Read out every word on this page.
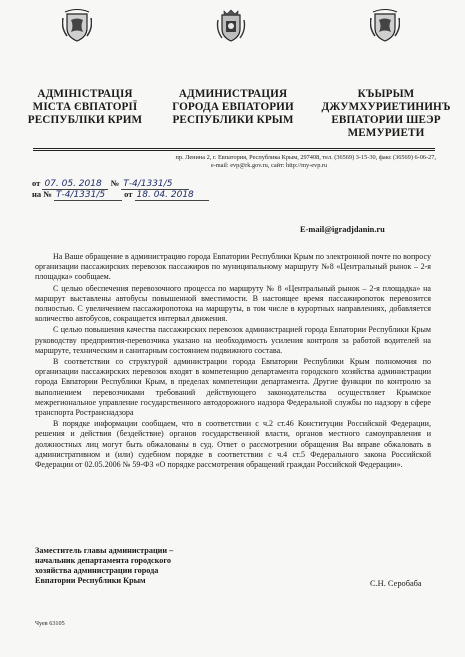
АДМІНІСТРАЦІЯ
МІСТА ЄВПАТОРІЇ
РЕСПУБЛІКИ КРИМ
АДМИНИСТРАЦИЯ
ГОРОДА ЕВПАТОРИИ
РЕСПУБЛИКИ КРЫМ
КЪЫРЫМ
ДЖУМХУРИЕТИНИНЪ
ЕВПАТОРИИ ШЕЭР
МЕМУРИЕТИ
пр. Ленина 2, г. Евпатория, Республика Крым, 297408, тел. (36569) 3-15-30, факс (36569) 6-06-27,
e-mail: evp@rk.gov.ru, сайт: http://my-evp.ru
от 07. 05. 2018 № Т-4/1331/5
на № Т-4/1331/5 от 18. 04. 2018
E-mail@igradjdanin.ru

На Ваше обращение в администрацию города Евпатории Республики Крым по электронной почте по вопросу организации пассажирских перевозок пассажиров по муниципальному маршруту №8 «Центральный рынок – 2-я площадка» сообщаем.

С целью обеспечения перевозочного процесса по маршруту № 8 «Центральный рынок – 2-я площадка» на маршрут выставлены автобусы повышенной вместимости. В настоящее время пассажиропоток перевозится полностью. С увеличением пассажиропотока на маршруты, в том числе в курортных направлениях, добавляется количество автобусов, сокращается интервал движения.

С целью повышения качества пассажирских перевозок администрацией города Евпатории Республики Крым руководству предприятия-перевозчика указано на необходимость усиления контроля за работой водителей на маршруте, техническим и санитарным состоянием подвижного состава.

В соответствии со структурой администрации города Евпатории Республики Крым полномочия по организации пассажирских перевозок входят в компетенцию департамента городского хозяйства администрации города Евпатории Республики Крым, в пределах компетенции департамента. Другие функции по контролю за выполнением перевозчиками требований действующего законодательства осуществляет Крымское межрегиональное управление государственного автодорожного надзора Федеральной службы по надзору в сфере транспорта Ространснадзора

В порядке информации сообщаем, что в соответствии с ч.2 ст.46 Конституции Российской Федерации, решения и действия (бездействие) органов государственной власти, органов местного самоуправления и должностных лиц могут быть обжалованы в суд. Ответ о рассмотрении обращения Вы вправе обжаловать в административном и (или) судебном порядке в соответствии с ч.4 ст.5 Федерального закона Российской Федерации от 02.05.2006 № 59-ФЗ «О порядке рассмотрения обращений граждан Российской Федерации».

Заместитель главы администрации –
начальник департамента городского
хозяйства администрации города
Евпатории Республики Крым	С.Н. Серобаба
Чуев 63105
